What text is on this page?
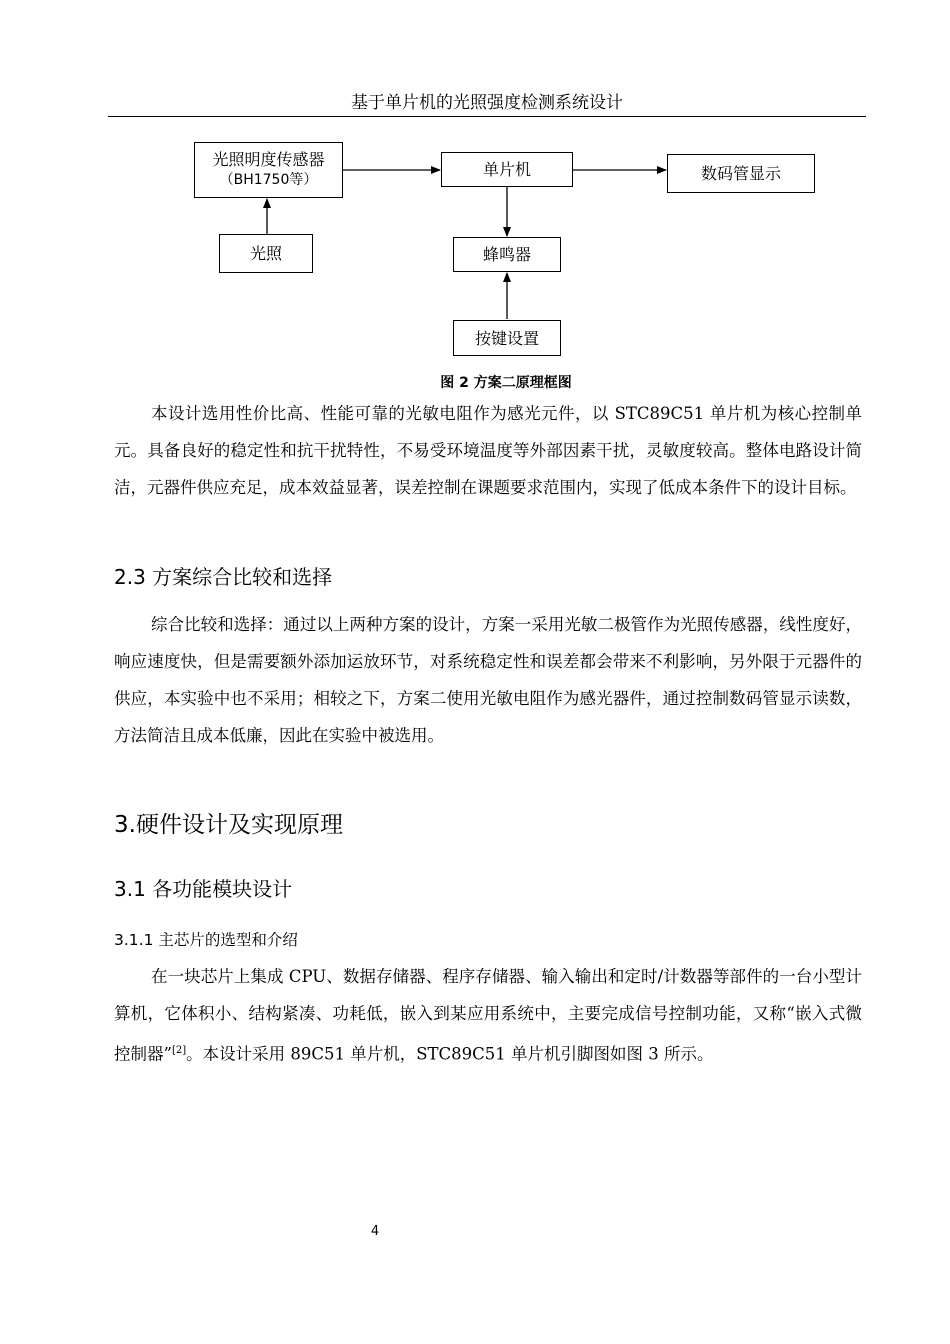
基于单片机的光照强度检测系统设计
光照明度传感器
（BH1750等）
单片机	数码管显示
光照	蜂鸣器
按键设置
图 2 方案二原理框图

本设计选用性价比高、性能可靠的光敏电阻作为感光元件，以 STC89C51 单片机为核心控制单元。具备良好的稳定性和抗干扰特性，不易受环境温度等外部因素干扰，灵敏度较高。整体电路设计简洁，元器件供应充足，成本效益显著，误差控制在课题要求范围内，实现了低成本条件下的设计目标。

2.3 方案综合比较和选择

综合比较和选择：通过以上两种方案的设计，方案一采用光敏二极管作为光照传感器，线性度好，响应速度快，但是需要额外添加运放环节，对系统稳定性和误差都会带来不利影响，另外限于元器件的供应，本实验中也不采用；相较之下，方案二使用光敏电阻作为感光器件，通过控制数码管显示读数，方法简洁且成本低廉，因此在实验中被选用。

3.硬件设计及实现原理
3.1 各功能模块设计
3.1.1 主芯片的选型和介绍

在一块芯片上集成 CPU、数据存储器、程序存储器、输入输出和定时/计数器等部件的一台小型计算机，它体积小、结构紧凑、功耗低，嵌入到某应用系统中，主要完成信号控制功能，又称“嵌入式微控制器”[2]。本设计采用 89C51 单片机，STC89C51 单片机引脚图如图 3 所示。

4
